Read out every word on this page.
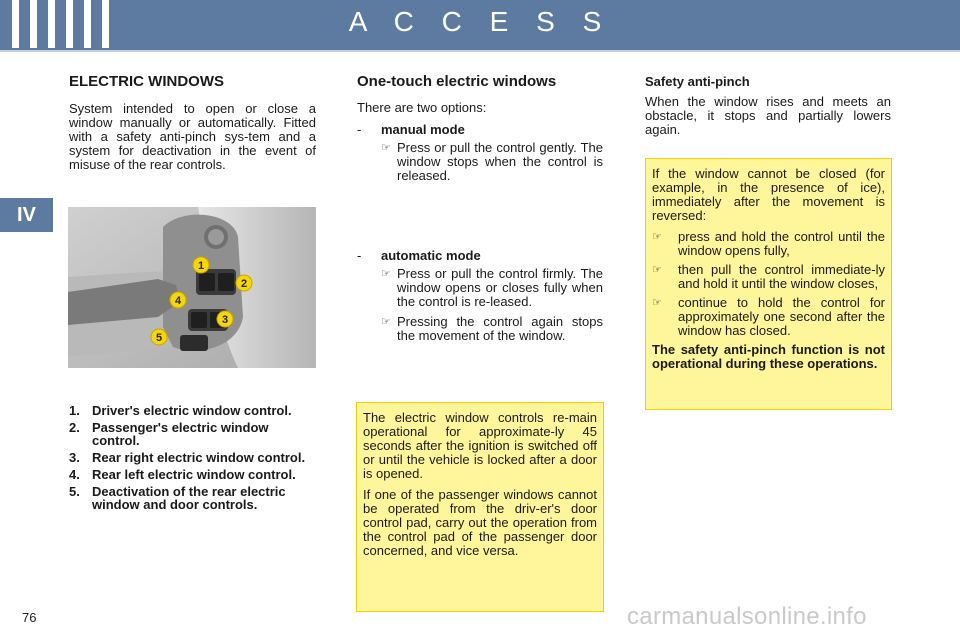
A C C E S S
IV
ELECTRIC WINDOWS

System intended to open or close a window manually or automatically. Fitted with a safety anti-pinch sys-tem and a system for deactivation in the event of misuse of the rear controls.

1
2
3
4
5
1. Driver's electric window control.
2. Passenger's electric window control.
3. Rear right electric window control.
4. Rear left electric window control.
5. Deactivation of the rear electric window and door controls.
One-touch electric windows

There are two options:

-	manual mode
☞ Press or pull the control gently. The window stops when the control is released.
-	automatic mode
☞ Press or pull the control firmly. The window opens or closes fully when the control is re-leased.
☞ Pressing the control again stops the movement of the window.

The electric window controls re-main operational for approximate-ly 45 seconds after the ignition is switched off or until the vehicle is locked after a door is opened.

If one of the passenger windows cannot be operated from the driv-er's door control pad, carry out the operation from the control pad of the passenger door concerned, and vice versa.

Safety anti-pinch

When the window rises and meets an obstacle, it stops and partially lowers again.

If the window cannot be closed (for example, in the presence of ice), immediately after the movement is reversed:

☞	press and hold the control until the window opens fully,
☞	then pull the control immediate-ly and hold it until the window closes,
☞	continue to hold the control for approximately one second after the window has closed.

The safety anti-pinch function is not operational during these operations.

76	carmanualsonline.info
